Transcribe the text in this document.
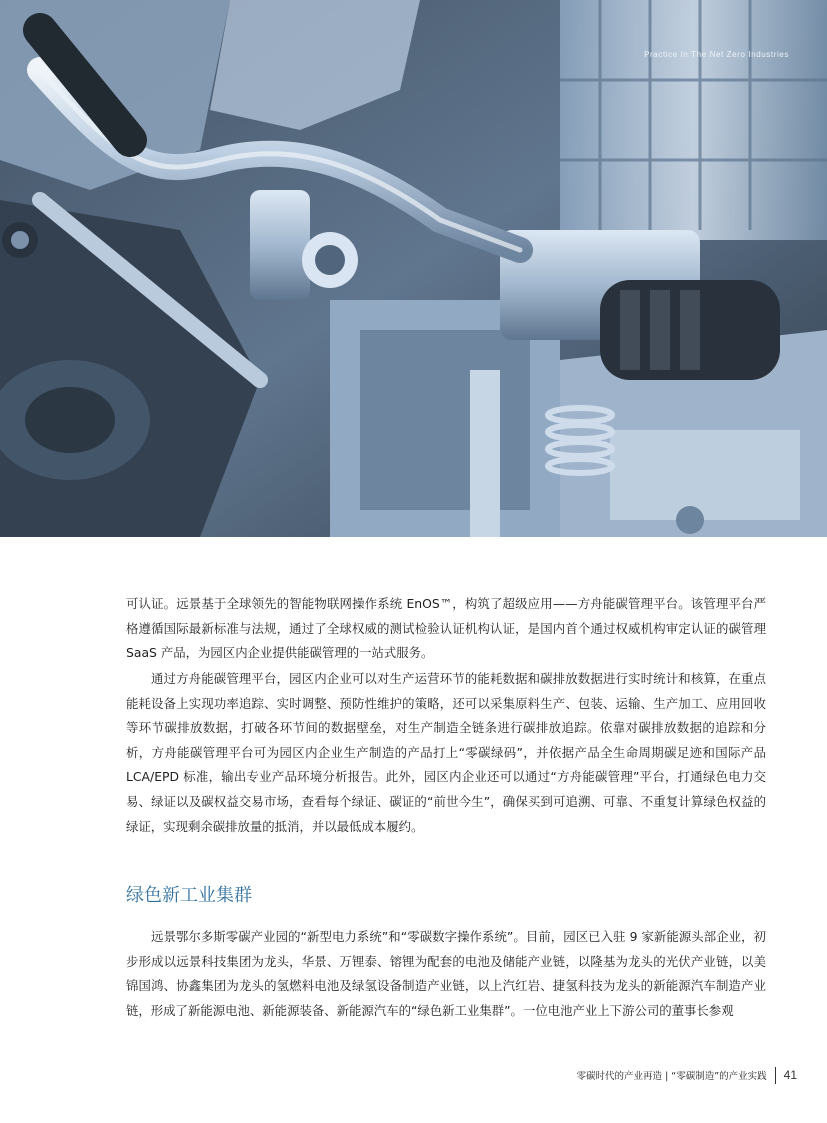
Practice In The Net Zero Industries

可认证。远景基于全球领先的智能物联网操作系统 EnOS™，构筑了超级应用——方舟能碳管理平台。该管理平台严格遵循国际最新标准与法规，通过了全球权威的测试检验认证机构认证，是国内首个通过权威机构审定认证的碳管理 SaaS 产品，为园区内企业提供能碳管理的一站式服务。

通过方舟能碳管理平台，园区内企业可以对生产运营环节的能耗数据和碳排放数据进行实时统计和核算，在重点能耗设备上实现功率追踪、实时调整、预防性维护的策略，还可以采集原料生产、包装、运输、生产加工、应用回收等环节碳排放数据，打破各环节间的数据壁垒，对生产制造全链条进行碳排放追踪。依靠对碳排放数据的追踪和分析，方舟能碳管理平台可为园区内企业生产制造的产品打上“零碳绿码”，并依据产品全生命周期碳足迹和国际产品 LCA/EPD 标准，输出专业产品环境分析报告。此外，园区内企业还可以通过“方舟能碳管理”平台，打通绿色电力交易、绿证以及碳权益交易市场，查看每个绿证、碳证的“前世今生”，确保买到可追溯、可靠、不重复计算绿色权益的绿证，实现剩余碳排放量的抵消，并以最低成本履约。

绿色新工业集群

远景鄂尔多斯零碳产业园的“新型电力系统”和“零碳数字操作系统”。目前，园区已入驻 9 家新能源头部企业，初步形成以远景科技集团为龙头，华景、万锂泰、镕锂为配套的电池及储能产业链，以隆基为龙头的光伏产业链，以美锦国鸿、协鑫集团为龙头的氢燃料电池及绿氢设备制造产业链，以上汽红岩、捷氢科技为龙头的新能源汽车制造产业链，形成了新能源电池、新能源装备、新能源汽车的“绿色新工业集群”。一位电池产业上下游公司的董事长参观

零碳时代的产业再造 | “零碳制造”的产业实践 41
